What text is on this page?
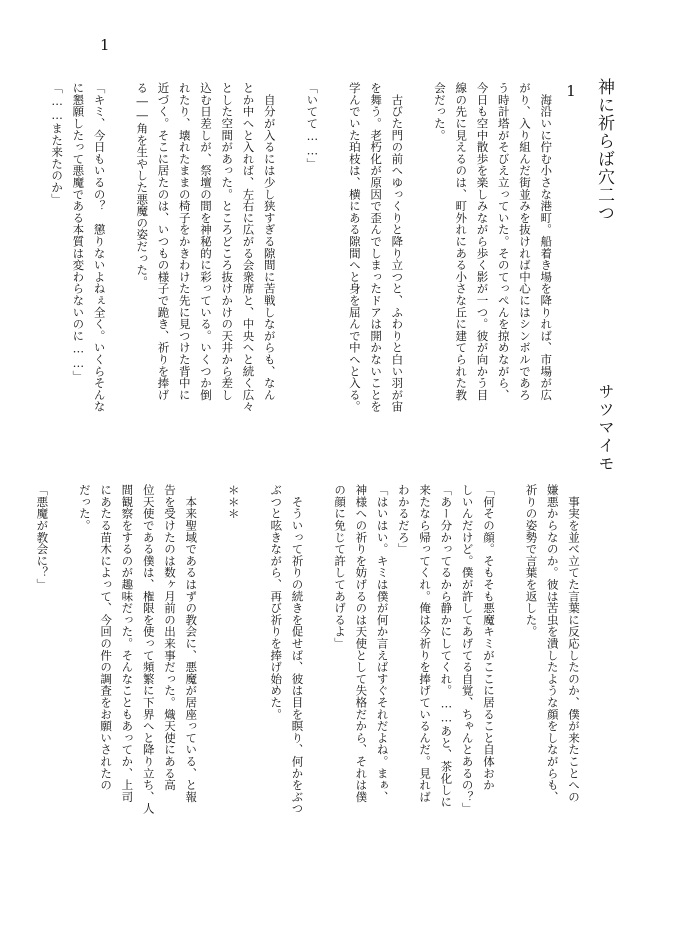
1
神に祈らば穴二つ
サツマイモ

1

　海沿いに佇む小さな港町。船着き場を降りれば、市場が広

がり、入り組んだ街並みを抜ければ中心にはシンボルであろ

う時計塔がそびえ立っていた。そのてっぺんを掠めながら、

今日も空中散歩を楽しみながら歩く影が一つ。彼が向かう目

線の先に見えるのは、町外れにある小さな丘に建てられた教

会だった。

　古びた門の前へゆっくりと降り立つと、ふわりと白い羽が宙

を舞う。老朽化が原因で歪んでしまったドアは開かないことを

学んでいた珀枝は、横にある隙間へと身を屈んで中へと入る。

「いてて……」

　自分が入るには少し狭すぎる隙間に苦戦しながらも、なん

とか中へと入れば、左右に広がる会衆席と、中央へと続く広々

とした空間があった。ところどころ抜けかけの天井から差し

込む日差しが、祭壇の間を神秘的に彩っている。いくつか倒

れたり、壊れたままの椅子をかきわけた先に見つけた背中に

近づく。そこに居たのは、いつもの様子で跪き、祈りを捧げ

る――角を生やした悪魔の姿だった。

「キミ、今日もいるの？　懲りないよねぇ全く。いくらそんな

に懇願したって悪魔である本質は変わらないのに……」

「……また来たのか」

　事実を並べ立てた言葉に反応したのか、僕が来たことへの

嫌悪からなのか。彼は苦虫を潰したような顔をしながらも、

祈りの姿勢で言葉を返した。

「何その顔。そもそも悪魔キミがここに居ること自体おか

しいんだけど。僕が許してあげてる自覚、ちゃんとあるの？」

「あー分かってるから静かにしてくれ。……あと、茶化しに

来たなら帰ってくれ。俺は今祈りを捧げているんだ。見れば

わかるだろ」

「はいはい。キミは僕が何か言えばすぐそれだよね。まぁ、

神様への祈りを妨げるのは天使として失格だから、それは僕

の顔に免じて許してあげるよ」

　そういって祈りの続きを促せば、彼は目を瞑り、何かをぶつ

ぶつと呟きながら、再び祈りを捧げ始めた。

＊＊＊

　本来聖域であるはずの教会に、悪魔が居座っている、と報

告を受けたのは数ヶ月前の出来事だった。熾天使にある高

位天使である僕は、権限を使って頻繁に下界へと降り立ち、人

間観察をするのが趣味だった。そんなこともあってか、上司

にあたる苗木によって、今回の件の調査をお願いされたの

だった。

「悪魔が教会に？」
